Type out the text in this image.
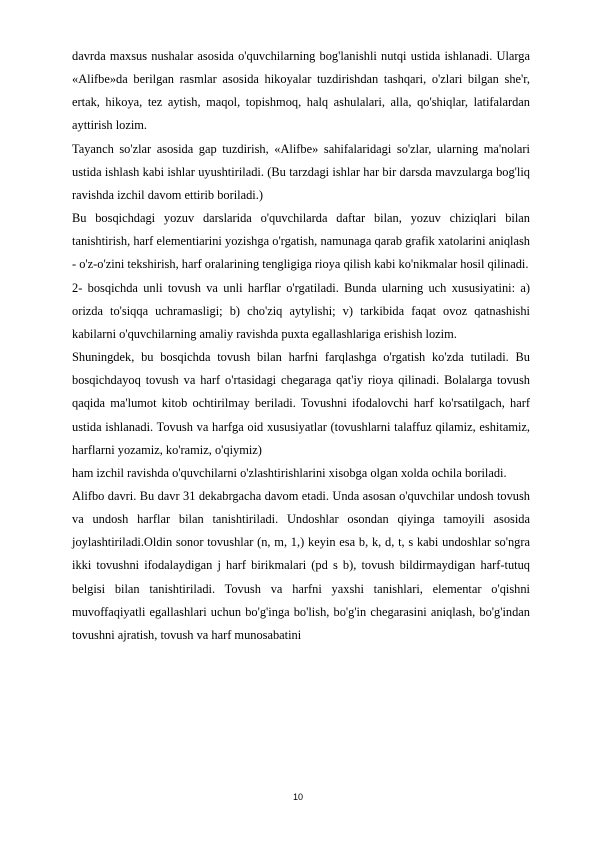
davrda maxsus nushalar asosida o'quvchilarning bog'lanishli nutqi ustida ishlanadi. Ularga «Alifbe»da berilgan rasmlar asosida hikoyalar tuzdirishdan tashqari, o'zlari bilgan she'r, ertak, hikoya, tez aytish, maqol, topishmoq, halq ashulalari, alla, qo'shiqlar, latifalardan ayttirish lozim.

Tayanch so'zlar asosida gap tuzdirish, «Alifbe» sahifalaridagi so'zlar, ularning ma'nolari ustida ishlash kabi ishlar uyushtiriladi. (Bu tarzdagi ishlar har bir darsda mavzularga bog'liq ravishda izchil davom ettirib boriladi.)

Bu bosqichdagi yozuv darslarida o'quvchilarda daftar bilan, yozuv chiziqlari bilan tanishtirish, harf elementiarini yozishga o'rgatish, namunaga qarab grafik xatolarini aniqlash - o'z-o'zini tekshirish, harf oralarining tengligiga rioya qilish kabi ko'nikmalar hosil qilinadi.

2- bosqichda unli tovush va unli harflar o'rgatiladi. Bunda ularning uch xususiyatini: a) orizda to'siqqa uchramasligi; b) cho'ziq aytylishi; v) tarkibida faqat ovoz qatnashishi kabilarni o'quvchilarning amaliy ravishda puxta egallashlariga erishish lozim.

Shuningdek, bu bosqichda tovush bilan harfni farqlashga o'rgatish ko'zda tutiladi. Bu bosqichdayoq tovush va harf o'rtasidagi chegaraga qat'iy rioya qilinadi. Bolalarga tovush qaqida ma'lumot kitob ochtirilmay beriladi. Tovushni ifodalovchi harf ko'rsatilgach, harf ustida ishlanadi. Tovush va harfga oid xususiyatlar (tovushlarni talaffuz qilamiz, eshitamiz, harflarni yozamiz, ko'ramiz, o'qiymiz)

ham izchil ravishda o'quvchilarni o'zlashtirishlarini xisobga olgan xolda ochila boriladi.

Alifbo davri. Bu davr 31 dekabrgacha davom etadi. Unda asosan o'quvchilar undosh tovush va undosh harflar bilan tanishtiriladi. Undoshlar osondan qiyinga tamoyili asosida joylashtiriladi.Oldin sonor tovushlar (n, m, 1,) keyin esa b, k, d, t, s kabi undoshlar so'ngra ikki tovushni ifodalaydigan j harf birikmalari (pd s b), tovush bildirmaydigan harf-tutuq belgisi bilan tanishtiriladi. Tovush va harfni yaxshi tanishlari, elementar o'qishni muvoffaqiyatli egallashlari uchun bo'g'inga bo'lish, bo'g'in chegarasini aniqlash, bo'g'indan tovushni ajratish, tovush va harf munosabatini

10
